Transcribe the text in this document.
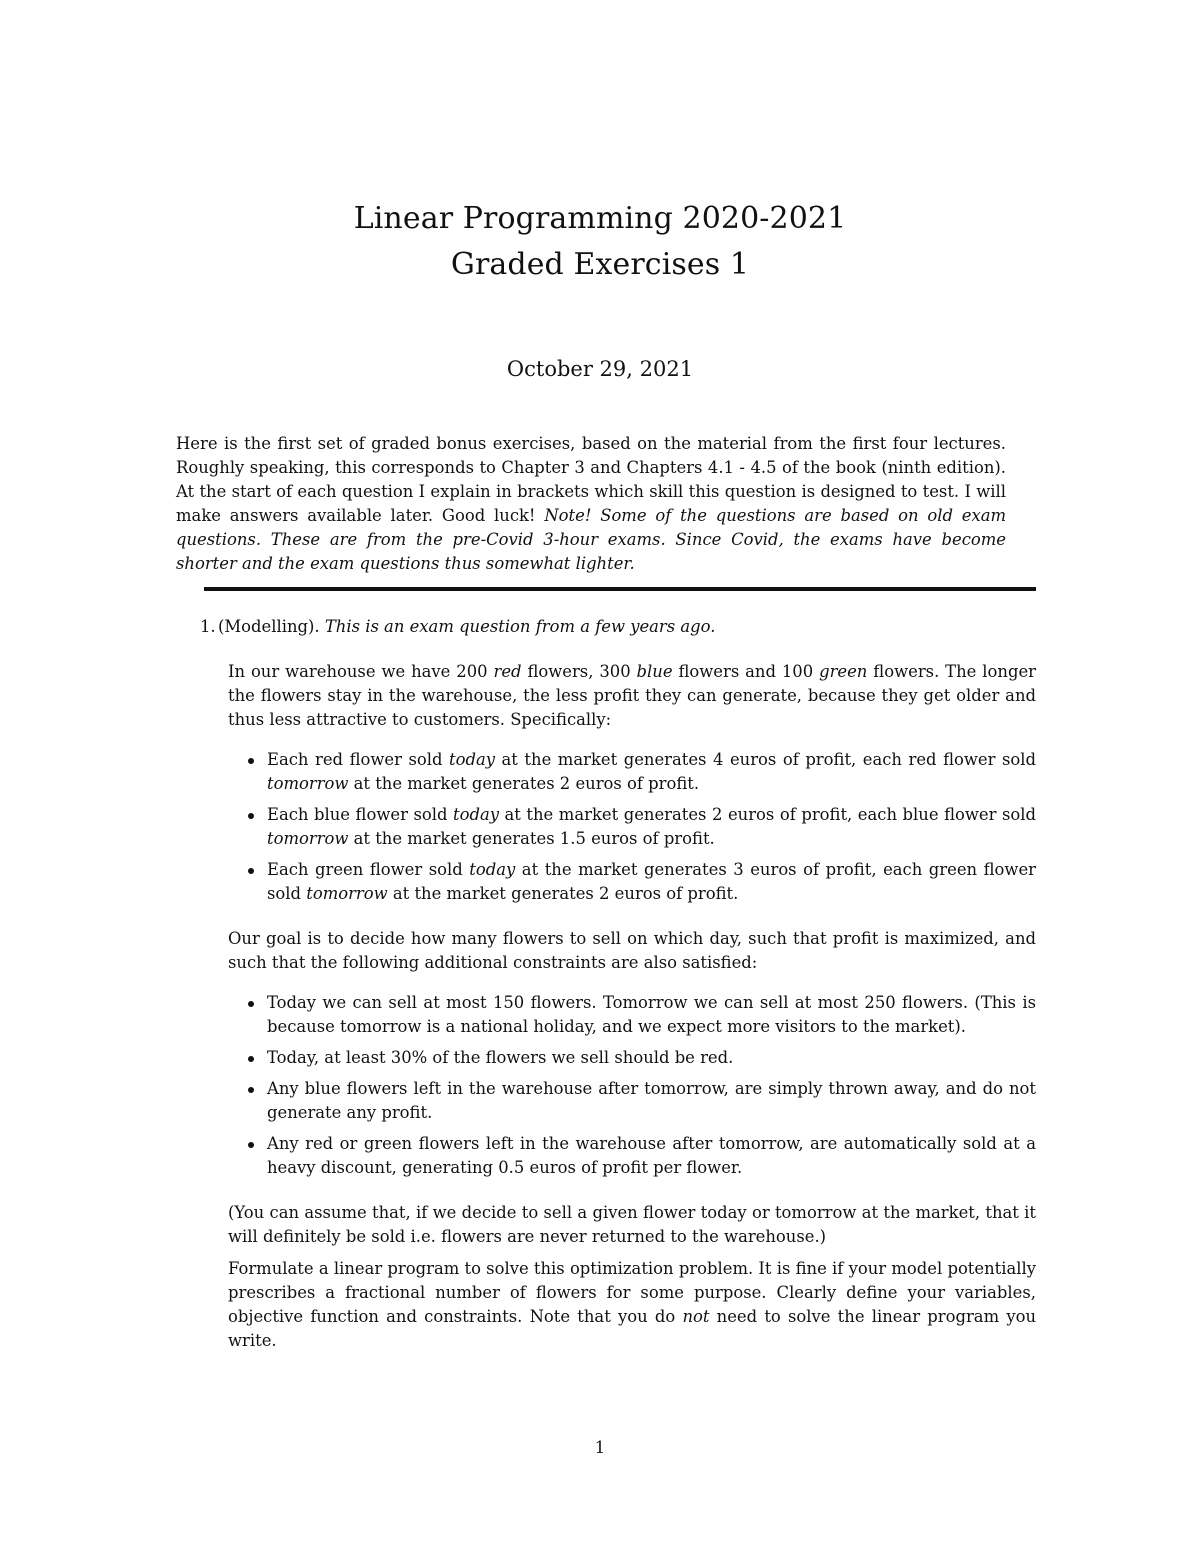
Linear Programming 2020-2021
Graded Exercises 1
October 29, 2021

Here is the first set of graded bonus exercises, based on the material from the first four lectures. Roughly speaking, this corresponds to Chapter 3 and Chapters 4.1 - 4.5 of the book (ninth edition). At the start of each question I explain in brackets which skill this question is designed to test. I will make answers available later. Good luck! Note! Some of the questions are based on old exam questions. These are from the pre-Covid 3-hour exams. Since Covid, the exams have become shorter and the exam questions thus somewhat lighter.

1. (Modelling). This is an exam question from a few years ago.

In our warehouse we have 200 red flowers, 300 blue flowers and 100 green flowers. The longer the flowers stay in the warehouse, the less profit they can generate, because they get older and thus less attractive to customers. Specifically:

Each red flower sold today at the market generates 4 euros of profit, each red flower sold tomorrow at the market generates 2 euros of profit.
Each blue flower sold today at the market generates 2 euros of profit, each blue flower sold tomorrow at the market generates 1.5 euros of profit.
Each green flower sold today at the market generates 3 euros of profit, each green flower sold tomorrow at the market generates 2 euros of profit.

Our goal is to decide how many flowers to sell on which day, such that profit is maximized, and such that the following additional constraints are also satisfied:

Today we can sell at most 150 flowers. Tomorrow we can sell at most 250 flowers. (This is because tomorrow is a national holiday, and we expect more visitors to the market).
Today, at least 30% of the flowers we sell should be red.
Any blue flowers left in the warehouse after tomorrow, are simply thrown away, and do not generate any profit.
Any red or green flowers left in the warehouse after tomorrow, are automatically sold at a heavy discount, generating 0.5 euros of profit per flower.

(You can assume that, if we decide to sell a given flower today or tomorrow at the market, that it will definitely be sold i.e. flowers are never returned to the warehouse.)

Formulate a linear program to solve this optimization problem. It is fine if your model potentially prescribes a fractional number of flowers for some purpose. Clearly define your variables, objective function and constraints. Note that you do not need to solve the linear program you write.

1
